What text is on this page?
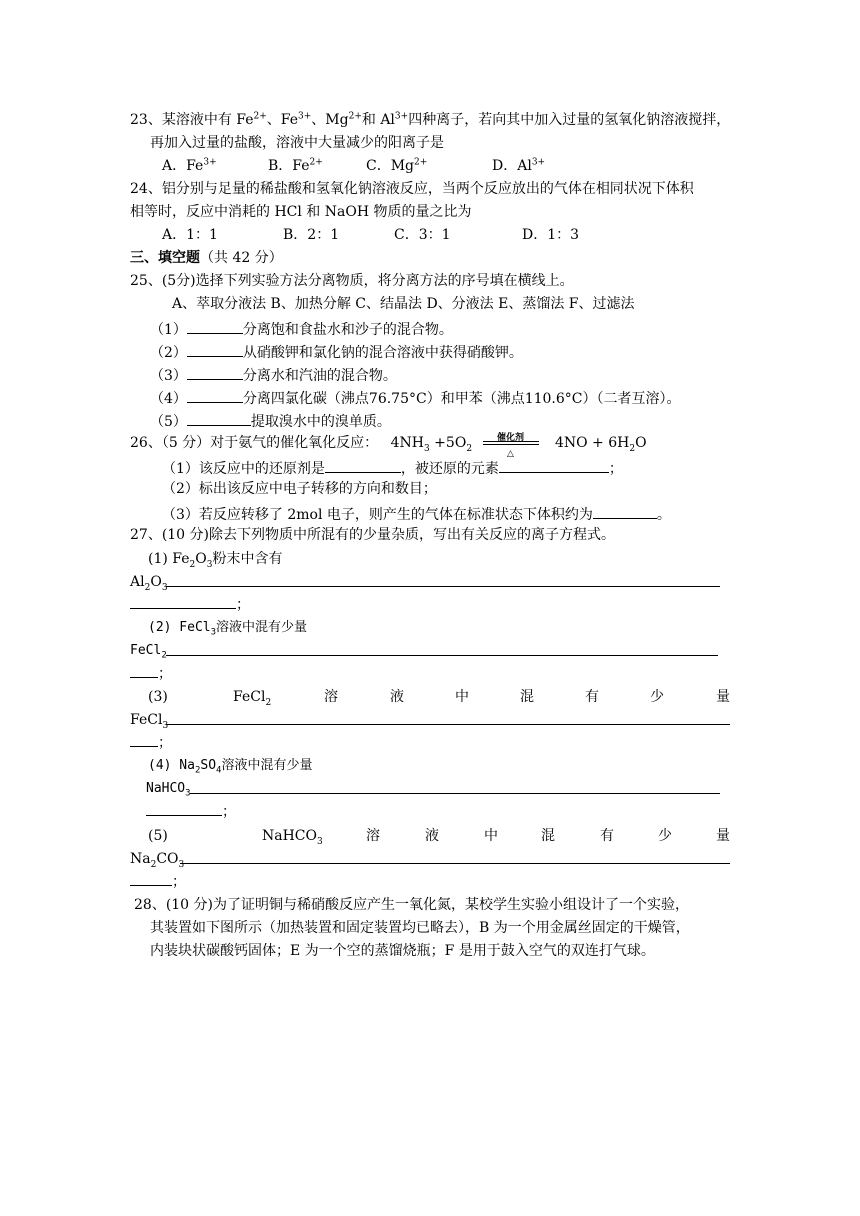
23、某溶液中有 $Fe^{2+}$、$Fe^{3+}$、$Mg^{2+}$和 $Al^{3+}$四种离子，若向其中加入过量的氢氧化钠溶液搅拌，
再加入过量的盐酸，溶液中大量减少的阳离子是
A．$Fe^{3+}$	B．$Fe^{2+}$	C．$Mg^{2+}$	D．$Al^{3+}$
24、铝分别与足量的稀盐酸和氢氧化钠溶液反应，当两个反应放出的气体在相同状况下体积
相等时，反应中消耗的 HCl 和 NaOH 物质的量之比为
A．1：1	B．2：1	C．3：1	D．1：3
三、填空题（共 42 分）
25、(5分)选择下列实验方法分离物质，将分离方法的序号填在横线上。
A、萃取分液法 B、加热分解 C、结晶法 D、分液法 E、蒸馏法 F、过滤法
（1）	分离饱和食盐水和沙子的混合物。
（2）	从硝酸钾和氯化钠的混合溶液中获得硝酸钾。
（3）	分离水和汽油的混合物。
（4）	分离四氯化碳（沸点76.75°C）和甲苯（沸点110.6°C）（二者互溶）。
（5）	提取溴水中的溴单质。
26、（5 分）对于氨气的催化氧化反应： $4NH_3 +5O_2$
催化剂
△
$4NO + 6H_2O$
（1）该反应中的还原剂是	，被还原的元素	；
（2）标出该反应中电子转移的方向和数目；
（3）若反应转移了 2mol 电子，则产生的气体在标准状态下体积约为	。
27、(10 分)除去下列物质中所混有的少量杂质，写出有关反应的离子方程式。
(1) $Fe_2O_3$粉末中含有
$Al_2O_3$
；
(2) FeCl$_3$溶液中混有少量
FeCl$_2$
；
(3)	FeCl$_2$	溶	液	中	混	有	少	量
FeCl$_3$
；
(4) $Na_2SO_4$溶液中混有少量
NaHCO$_3$
；
(5)	NaHCO$_3$	溶	液	中	混	有	少	量
$Na_2CO_3$
；
28、(10 分)为了证明铜与稀硝酸反应产生一氧化氮，某校学生实验小组设计了一个实验，
其装置如下图所示（加热装置和固定装置均已略去），B 为一个用金属丝固定的干燥管，
内装块状碳酸钙固体；E 为一个空的蒸馏烧瓶；F 是用于鼓入空气的双连打气球。
